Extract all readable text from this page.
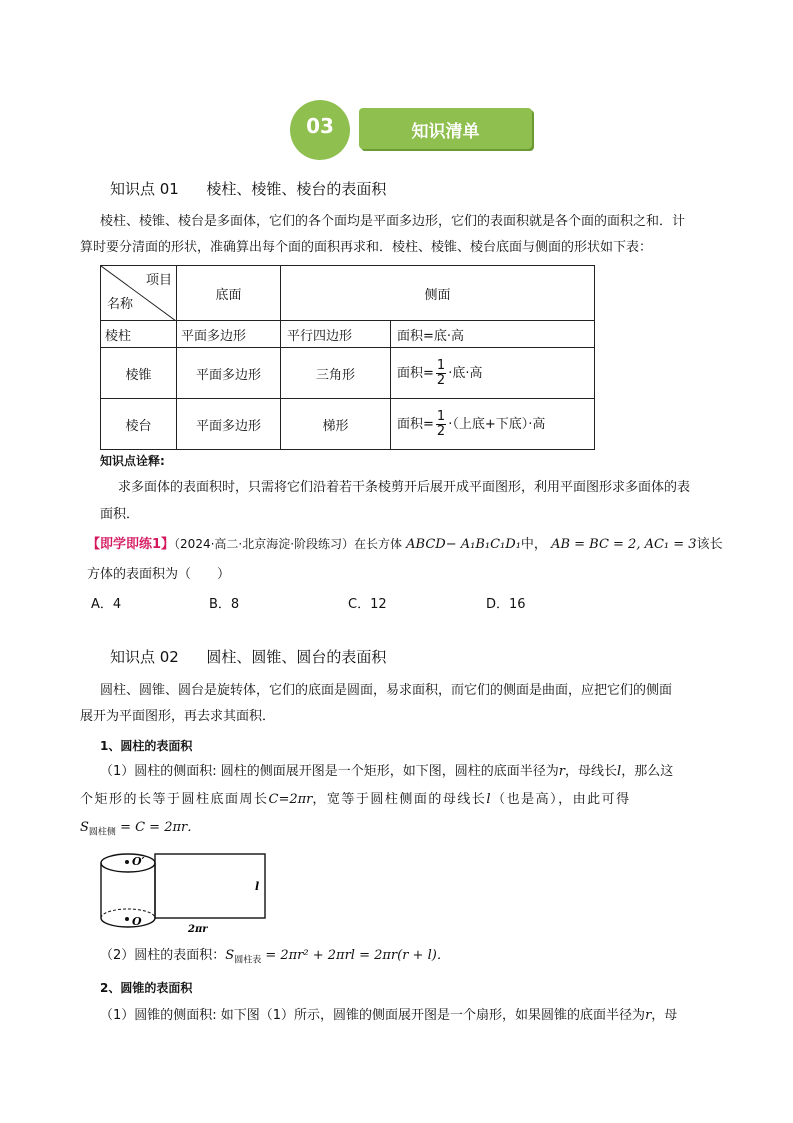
03	知识清单
知识点 01 棱柱、棱锥、棱台的表面积

棱柱、棱锥、棱台是多面体，它们的各个面均是平面多边形，它们的表面积就是各个面的面积之和．计

算时要分清面的形状，准确算出每个面的面积再求和．棱柱、棱锥、棱台底面与侧面的形状如下表：

项目
名称	底面	侧面	
棱柱	平面多边形	平行四边形	面积=底·高
棱锥	平面多边形	三角形	面积= $\frac{1}{2}$ ·底·高
棱台	平面多边形	梯形	面积= $\frac{1}{2}$ ·（上底+下底）·高
知识点诠释:

求多面体的表面积时，只需将它们沿着若干条棱剪开后展开成平面图形，利用平面图形求多面体的表

面积．

【即学即练1】（2024·高二·北京海淀·阶段练习）在长方体 ABCD− A₁B₁C₁D₁中， AB = BC = 2, AC₁ = 3该长
方体的表面积为（　　）
A．4	B．8	C．12	D．16
知识点 02 圆柱、圆锥、圆台的表面积

圆柱、圆锥、圆台是旋转体，它们的底面是圆面，易求面积，而它们的侧面是曲面，应把它们的侧面

展开为平面图形，再去求其面积．

1、圆柱的表面积
（1）圆柱的侧面积: 圆柱的侧面展开图是一个矩形，如下图，圆柱的底面半径为r，母线长l，那么这
个矩形的长等于圆柱底面周长C=2πr，宽等于圆柱侧面的母线长l（也是高），由此可得
$S_{圆柱侧} = C = 2\pi r$．
O′
O
l
2πr
（2）圆柱的表面积：$S_{圆柱表} = 2\pi r^2 + 2\pi rl = 2\pi r(r + l)$．
2、圆锥的表面积
（1）圆锥的侧面积: 如下图（1）所示，圆锥的侧面展开图是一个扇形，如果圆锥的底面半径为r，母
